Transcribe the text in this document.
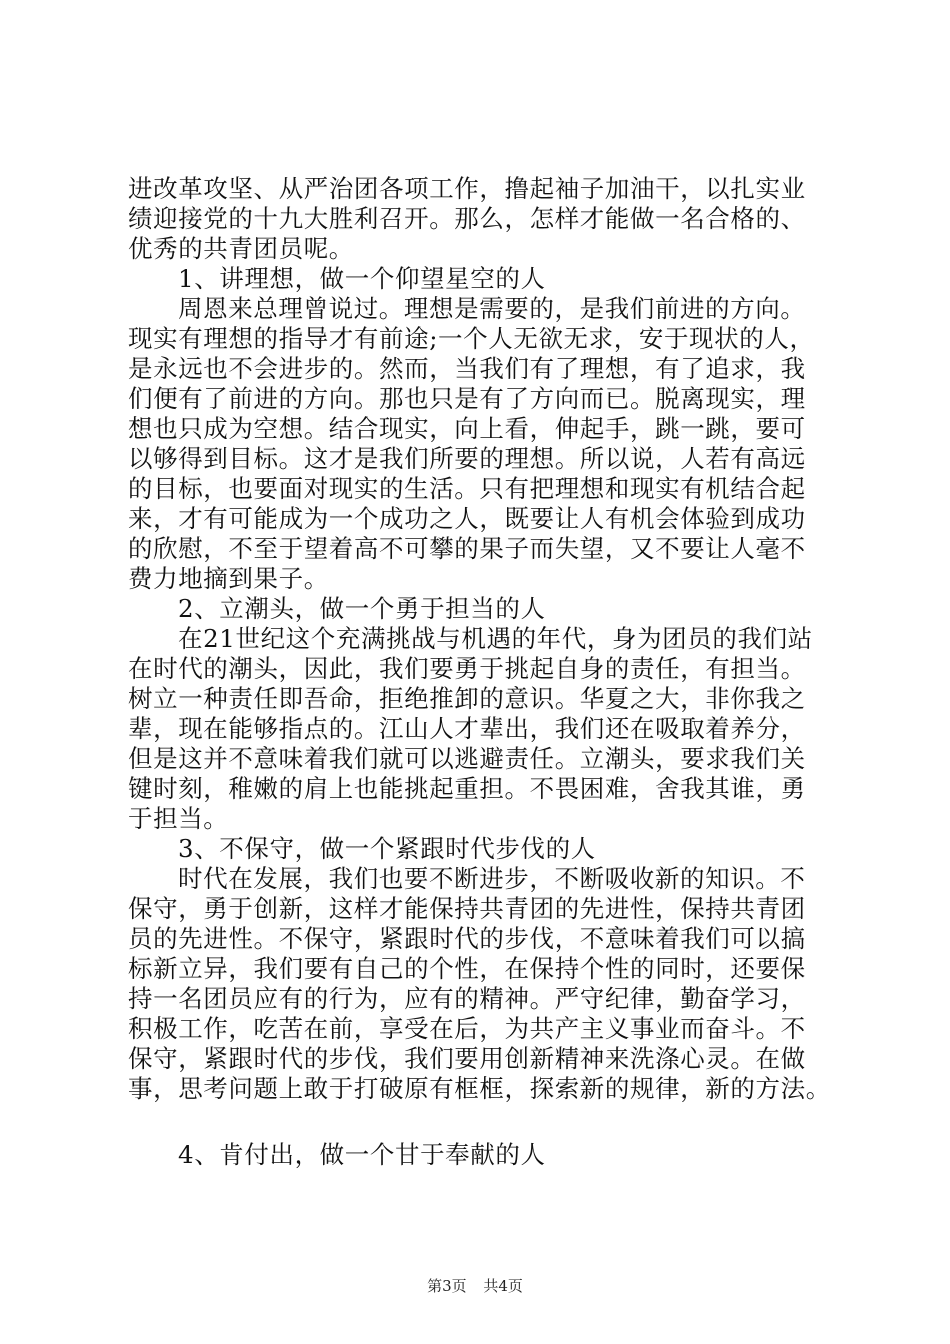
进改革攻坚、从严治团各项工作，撸起袖子加油干，以扎实业
绩迎接党的十九大胜利召开。那么，怎样才能做一名合格的、
优秀的共青团员呢。
1、讲理想，做一个仰望星空的人
周恩来总理曾说过。理想是需要的，是我们前进的方向。
现实有理想的指导才有前途;一个人无欲无求，安于现状的人，
是永远也不会进步的。然而，当我们有了理想，有了追求，我
们便有了前进的方向。那也只是有了方向而已。脱离现实，理
想也只成为空想。结合现实，向上看，伸起手，跳一跳，要可
以够得到目标。这才是我们所要的理想。所以说，人若有高远
的目标，也要面对现实的生活。只有把理想和现实有机结合起
来，才有可能成为一个成功之人，既要让人有机会体验到成功
的欣慰，不至于望着高不可攀的果子而失望，又不要让人毫不
费力地摘到果子。
2、立潮头，做一个勇于担当的人
在21世纪这个充满挑战与机遇的年代，身为团员的我们站
在时代的潮头，因此，我们要勇于挑起自身的责任，有担当。
树立一种责任即吾命，拒绝推卸的意识。华夏之大，非你我之
辈，现在能够指点的。江山人才辈出，我们还在吸取着养分，
但是这并不意味着我们就可以逃避责任。立潮头，要求我们关
键时刻，稚嫩的肩上也能挑起重担。不畏困难，舍我其谁，勇
于担当。
3、不保守，做一个紧跟时代步伐的人
时代在发展，我们也要不断进步，不断吸收新的知识。不
保守，勇于创新，这样才能保持共青团的先进性，保持共青团
员的先进性。不保守，紧跟时代的步伐，不意味着我们可以搞
标新立异，我们要有自己的个性，在保持个性的同时，还要保
持一名团员应有的行为，应有的精神。严守纪律，勤奋学习，
积极工作，吃苦在前，享受在后，为共产主义事业而奋斗。不
保守，紧跟时代的步伐，我们要用创新精神来洗涤心灵。在做
事，思考问题上敢于打破原有框框，探索新的规律，新的方法。
4、肯付出，做一个甘于奉献的人
第3页 共4页
